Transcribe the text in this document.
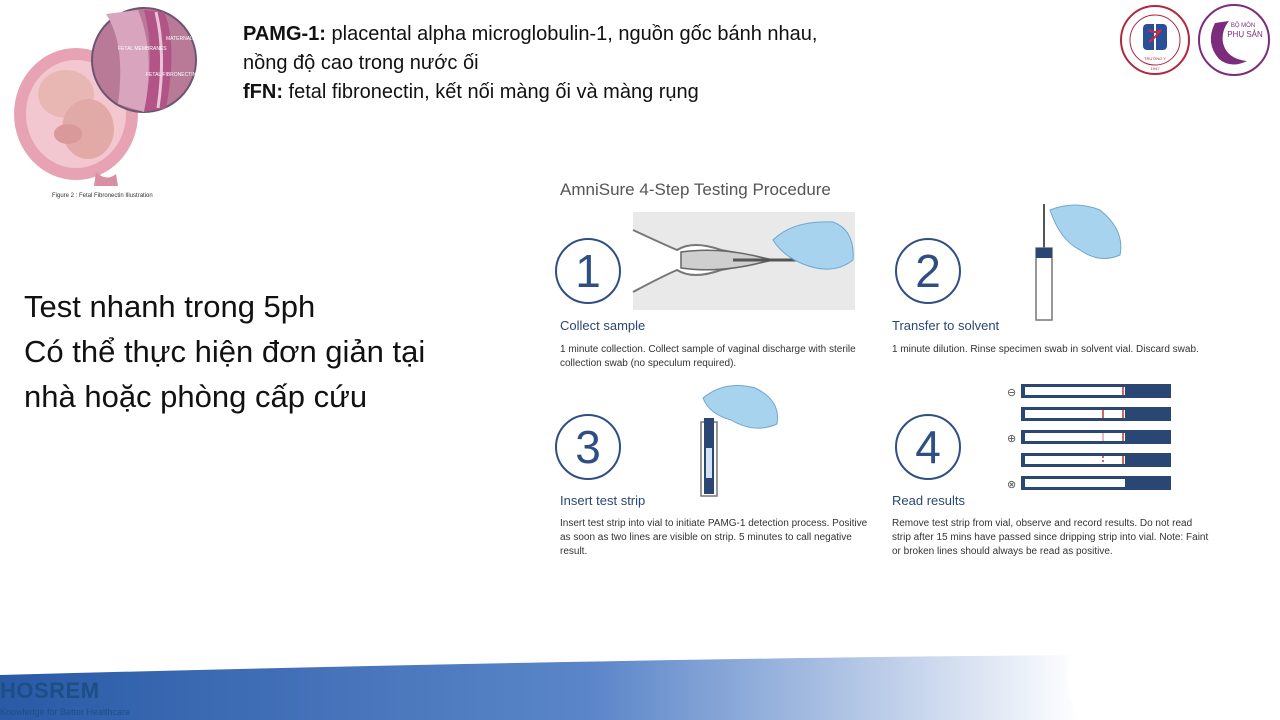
FETAL MEMBRANES
MATERNAL MEMBRANES
FETAL FIBRONECTIN (fFN)
Figure 2 : Fetal Fibronectin Illustration
PAMG-1: placental alpha microglobulin-1, nguồn gốc bánh nhau, nồng độ cao trong nước ối
fFN: fetal fibronectin, kết nối màng ối và màng rụng
TRƯỜNG Y
1947
BỘ MÔN
PHỤ SẢN
Test nhanh trong 5ph
Có thể thực hiện đơn giản tại
nhà hoặc phòng cấp cứu
AmniSure 4-Step Testing Procedure
1
Collect sample
1 minute collection. Collect sample of vaginal discharge with sterile collection swab (no speculum required).
2
Transfer to solvent
1 minute dilution. Rinse specimen swab in solvent vial. Discard swab.
3
Insert test strip
Insert test strip into vial to initiate PAMG-1 detection process. Positive as soon as two lines are visible on strip. 5 minutes to call negative result.
4
⊖
⊕
⊗
Read results
Remove test strip from vial, observe and record results. Do not read strip after 15 mins have passed since dripping strip into vial. Note: Faint or broken lines should always be read as positive.
HOSREM
Knowledge for Better Healthcare
